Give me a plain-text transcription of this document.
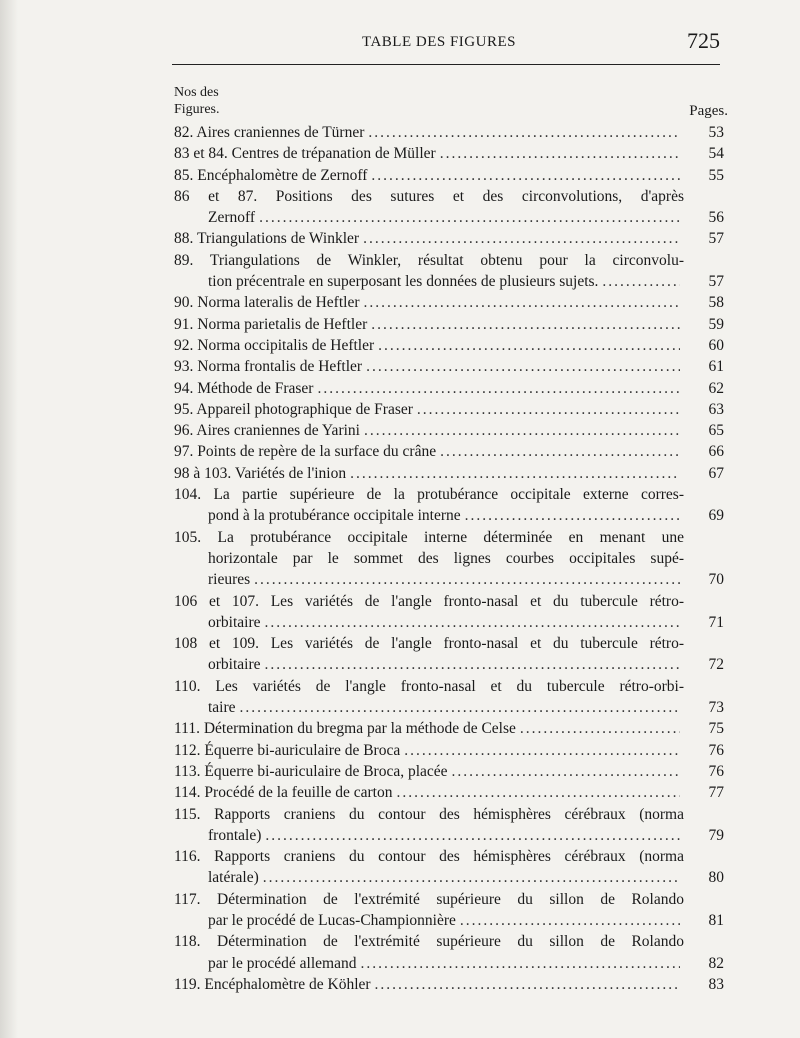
TABLE DES FIGURES	725
Nos des
Figures.	Pages.
82. Aires craniennes de Türner .....	53
83 et 84. Centres de trépanation de Müller .....	54
85. Encéphalomètre de Zernoff .....	55
86 et 87. Positions des sutures et des circonvolutions, d'après
Zernoff .....	56
88. Triangulations de Winkler .....	57
89. Triangulations de Winkler, résultat obtenu pour la circonvolu-
tion précentrale en superposant les données de plusieurs sujets. .....	57
90. Norma lateralis de Heftler .....	58
91. Norma parietalis de Heftler .....	59
92. Norma occipitalis de Heftler .....	60
93. Norma frontalis de Heftler .....	61
94. Méthode de Fraser .....	62
95. Appareil photographique de Fraser .....	63
96. Aires craniennes de Yarini .....	65
97. Points de repère de la surface du crâne .....	66
98 à 103. Variétés de l'inion .....	67
104. La partie supérieure de la protubérance occipitale externe corres-
pond à la protubérance occipitale interne .....	69
105. La protubérance occipitale interne déterminée en menant une
horizontale par le sommet des lignes courbes occipitales supé-
rieures .....	70
106 et 107. Les variétés de l'angle fronto-nasal et du tubercule rétro-
orbitaire .....	71
108 et 109. Les variétés de l'angle fronto-nasal et du tubercule rétro-
orbitaire .....	72
110. Les variétés de l'angle fronto-nasal et du tubercule rétro-orbi-
taire .....	73
111. Détermination du bregma par la méthode de Celse .....	75
112. Équerre bi-auriculaire de Broca .....	76
113. Équerre bi-auriculaire de Broca, placée .....	76
114. Procédé de la feuille de carton .....	77
115. Rapports craniens du contour des hémisphères cérébraux (norma
frontale) .....	79
116. Rapports craniens du contour des hémisphères cérébraux (norma
latérale) .....	80
117. Détermination de l'extrémité supérieure du sillon de Rolando
par le procédé de Lucas-Championnière .....	81
118. Détermination de l'extrémité supérieure du sillon de Rolando
par le procédé allemand .....	82
119. Encéphalomètre de Köhler .....	83
